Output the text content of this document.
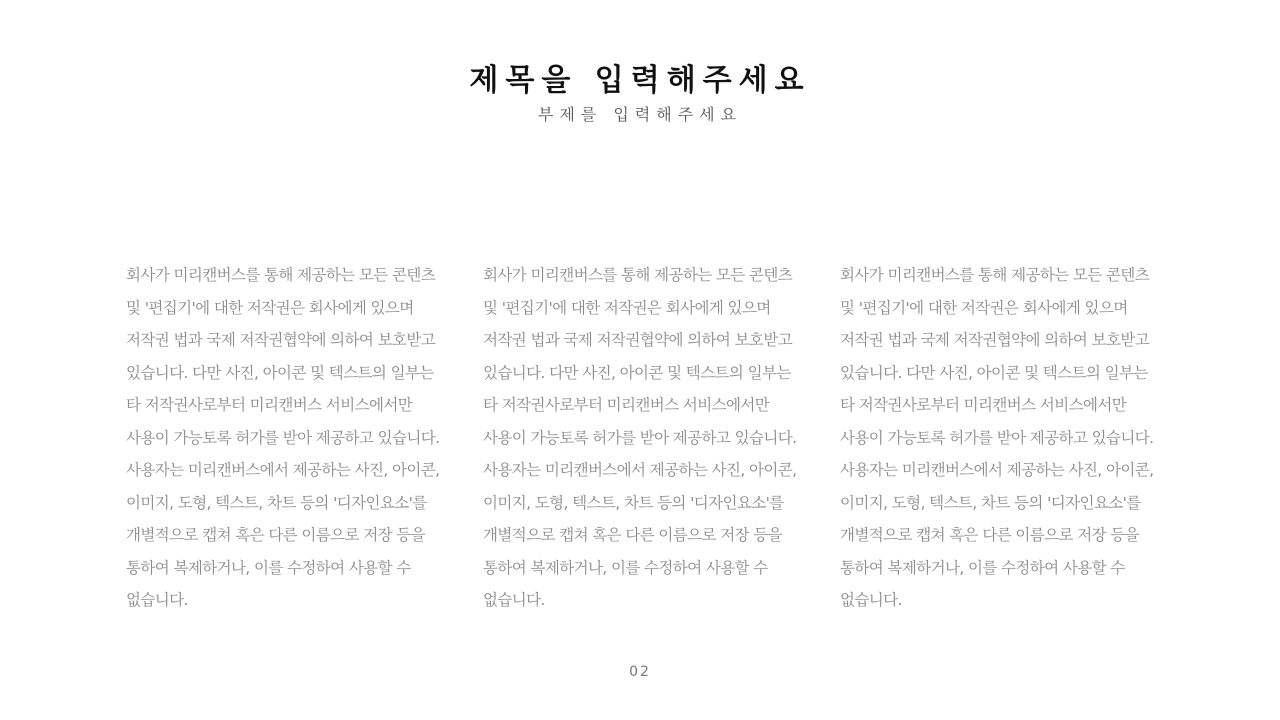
제목을 입력해주세요
부제를 입력해주세요

회사가 미리캔버스를 통해 제공하는 모든 콘텐츠 및 '편집기'에 대한 저작권은 회사에게 있으며 저작권 법과 국제 저작권협약에 의하여 보호받고 있습니다. 다만 사진, 아이콘 및 텍스트의 일부는 타 저작권사로부터 미리캔버스 서비스에서만 사용이 가능토록 허가를 받아 제공하고 있습니다. 사용자는 미리캔버스에서 제공하는 사진, 아이콘, 이미지, 도형, 텍스트, 차트 등의 '디자인요소'를 개별적으로 캡쳐 혹은 다른 이름으로 저장 등을 통하여 복제하거나, 이를 수정하여 사용할 수 없습니다.

회사가 미리캔버스를 통해 제공하는 모든 콘텐츠 및 '편집기'에 대한 저작권은 회사에게 있으며 저작권 법과 국제 저작권협약에 의하여 보호받고 있습니다. 다만 사진, 아이콘 및 텍스트의 일부는 타 저작권사로부터 미리캔버스 서비스에서만 사용이 가능토록 허가를 받아 제공하고 있습니다. 사용자는 미리캔버스에서 제공하는 사진, 아이콘, 이미지, 도형, 텍스트, 차트 등의 '디자인요소'를 개별적으로 캡쳐 혹은 다른 이름으로 저장 등을 통하여 복제하거나, 이를 수정하여 사용할 수 없습니다.

회사가 미리캔버스를 통해 제공하는 모든 콘텐츠 및 '편집기'에 대한 저작권은 회사에게 있으며 저작권 법과 국제 저작권협약에 의하여 보호받고 있습니다. 다만 사진, 아이콘 및 텍스트의 일부는 타 저작권사로부터 미리캔버스 서비스에서만 사용이 가능토록 허가를 받아 제공하고 있습니다. 사용자는 미리캔버스에서 제공하는 사진, 아이콘, 이미지, 도형, 텍스트, 차트 등의 '디자인요소'를 개별적으로 캡쳐 혹은 다른 이름으로 저장 등을 통하여 복제하거나, 이를 수정하여 사용할 수 없습니다.

02
